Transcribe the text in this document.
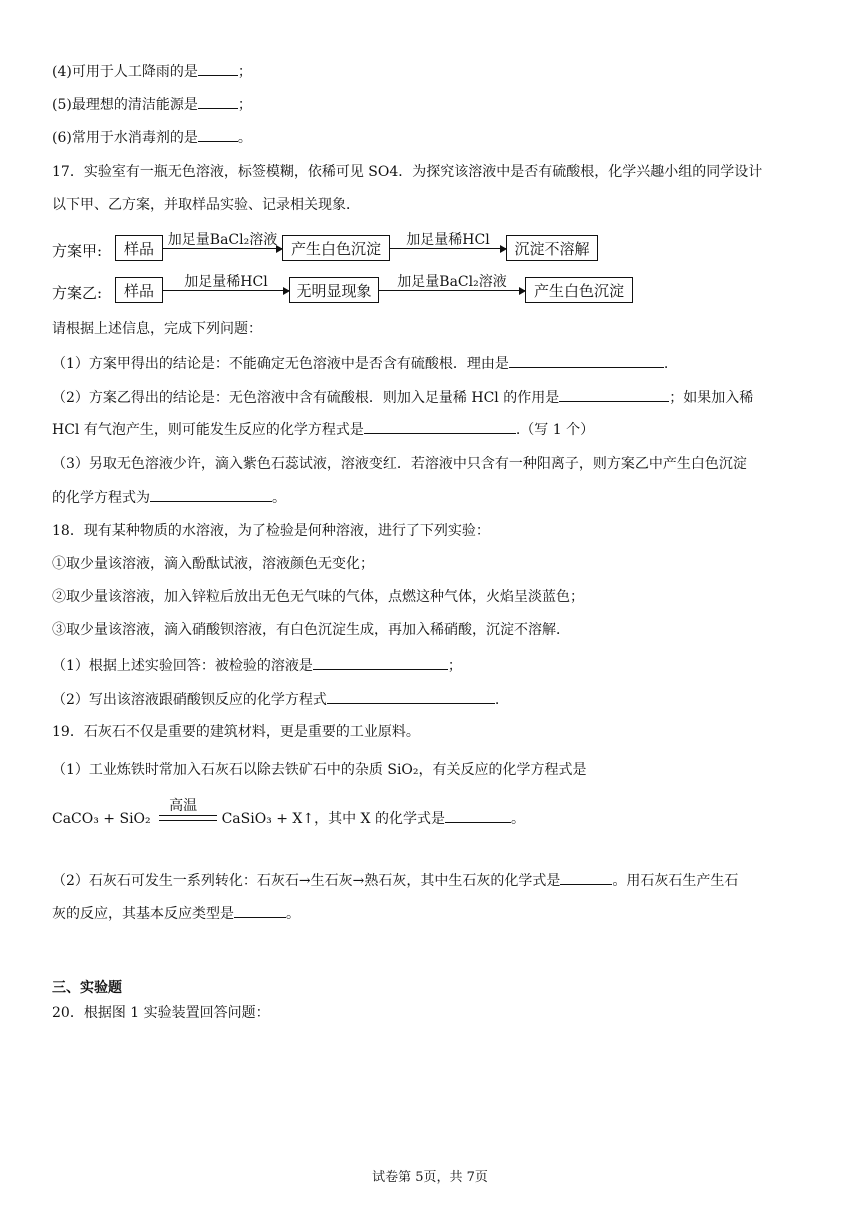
(4)可用于人工降雨的是	；
(5)最理想的清洁能源是	；
(6)常用于水消毒剂的是	。
17．实验室有一瓶无色溶液，标签模糊，依稀可见 SO4．为探究该溶液中是否有硫酸根，化学兴趣小组的同学设计
以下甲、乙方案，并取样品实验、记录相关现象．
方案甲:	样品 加足量BaCl₂溶液 产生白色沉淀	加足量稀HCl	沉淀不溶解
方案乙:	样品	加足量稀HCl	无明显现象	加足量BaCl₂溶液	产生白色沉淀
请根据上述信息，完成下列问题：
（1）方案甲得出的结论是：不能确定无色溶液中是否含有硫酸根．理由是	.
（2）方案乙得出的结论是：无色溶液中含有硫酸根．则加入足量稀 HCl 的作用是	；如果加入稀
HCl 有气泡产生，则可能发生反应的化学方程式是	.（写 1 个）
（3）另取无色溶液少许，滴入紫色石蕊试液，溶液变红．若溶液中只含有一种阳离子，则方案乙中产生白色沉淀
的化学方程式为	。
18．现有某种物质的水溶液，为了检验是何种溶液，进行了下列实验：
①取少量该溶液，滴入酚酞试液，溶液颜色无变化；
②取少量该溶液，加入锌粒后放出无色无气味的气体，点燃这种气体，火焰呈淡蓝色；
③取少量该溶液，滴入硝酸钡溶液，有白色沉淀生成，再加入稀硝酸，沉淀不溶解．
（1）根据上述实验回答：被检验的溶液是	；
（2）写出该溶液跟硝酸钡反应的化学方程式	.
19．石灰石不仅是重要的建筑材料，更是重要的工业原料。
（1）工业炼铁时常加入石灰石以除去铁矿石中的杂质 SiO₂，有关反应的化学方程式是
CaCO₃ + SiO₂
高温
CaSiO₃ + X↑，其中 X 的化学式是	。
（2）石灰石可发生一系列转化：石灰石→生石灰→熟石灰，其中生石灰的化学式是	。用石灰石生产生石
灰的反应，其基本反应类型是	。
三、实验题
20．根据图 1 实验装置回答问题：
试卷第 5页，共 7页
